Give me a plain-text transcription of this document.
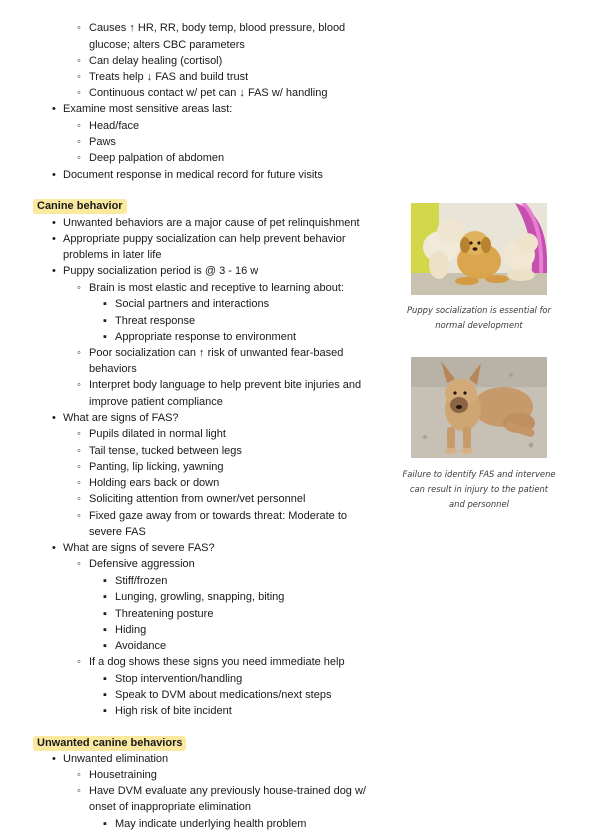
◦ Causes ↑ HR, RR, body temp, blood pressure, blood
glucose; alters CBC parameters
◦ Can delay healing (cortisol)
◦ Treats help ↓ FAS and build trust
◦ Continuous contact w/ pet can ↓ FAS w/ handling
• Examine most sensitive areas last:
◦ Head/face
◦ Paws
◦ Deep palpation of abdomen
• Document response in medical record for future visits
Canine behavior
• Unwanted behaviors are a major cause of pet relinquishment
• Appropriate puppy socialization can help prevent behavior
problems in later life
• Puppy socialization period is @ 3 - 16 w
◦ Brain is most elastic and receptive to learning about:
▪ Social partners and interactions
▪ Threat response
▪ Appropriate response to environment
◦ Poor socialization can ↑ risk of unwanted fear-based
behaviors
◦ Interpret body language to help prevent bite injuries and
improve patient compliance
• What are signs of FAS?
◦ Pupils dilated in normal light
◦ Tail tense, tucked between legs
◦ Panting, lip licking, yawning
◦ Holding ears back or down
◦ Soliciting attention from owner/vet personnel
◦ Fixed gaze away from or towards threat: Moderate to
severe FAS
• What are signs of severe FAS?
◦ Defensive aggression
▪ Stiff/frozen
▪ Lunging, growling, snapping, biting
▪ Threatening posture
▪ Hiding
▪ Avoidance
◦ If a dog shows these signs you need immediate help
▪ Stop intervention/handling
▪ Speak to DVM about medications/next steps
▪ High risk of bite incident
Unwanted canine behaviors
• Unwanted elimination
◦ Housetraining
◦ Have DVM evaluate any previously house-trained dog w/
onset of inappropriate elimination
▪ May indicate underlying health problem
Puppy socialization is essential for
normal development
Failure to identify FAS and intervene
can result in injury to the patient
and personnel
